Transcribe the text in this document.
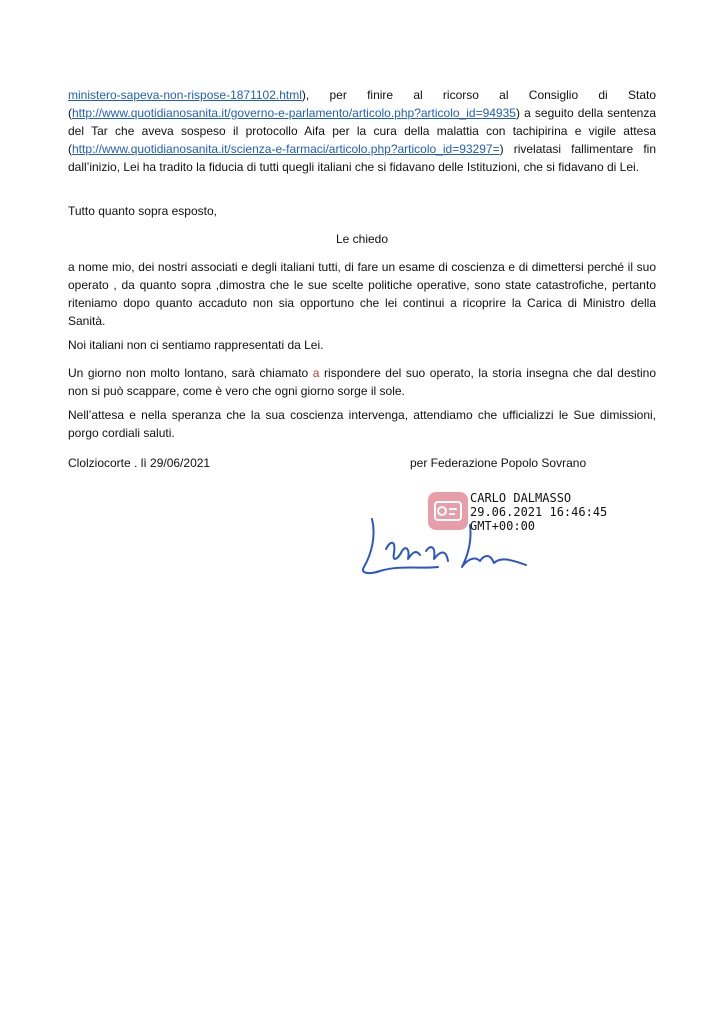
ministero-sapeva-non-rispose-1871102.html), per finire al ricorso al Consiglio di Stato (http://www.quotidianosanita.it/governo-e-parlamento/articolo.php?articolo_id=94935) a seguito della sentenza del Tar che aveva sospeso il protocollo Aifa per la cura della malattia con tachipirina e vigile attesa (http://www.quotidianosanita.it/scienza-e-farmaci/articolo.php?articolo_id=93297=) rivelatasi fallimentare fin dall’inizio, Lei ha tradito la fiducia di tutti quegli italiani che si fidavano delle Istituzioni, che si fidavano di Lei.
Tutto quanto sopra esposto,
Le chiedo
a nome mio, dei nostri associati e degli italiani tutti, di fare un esame di coscienza e di dimettersi perché il suo operato , da quanto sopra ,dimostra che le sue scelte politiche operative, sono state catastrofiche, pertanto riteniamo dopo quanto accaduto non sia opportuno che lei continui a ricoprire la Carica di Ministro della Sanità.
Noi italiani non ci sentiamo rappresentati da Lei.
Un giorno non molto lontano, sarà chiamato a rispondere del suo operato, la storia insegna che dal destino non si può scappare, come è vero che ogni giorno sorge il sole.
Nell’attesa e nella speranza che la sua coscienza intervenga, attendiamo che ufficializzi le Sue dimissioni, porgo cordiali saluti.
Clolziocorte . lì 29/06/2021	per Federazione Popolo Sovrano
CARLO DALMASSO
29.06.2021 16:46:45
GMT+00:00
